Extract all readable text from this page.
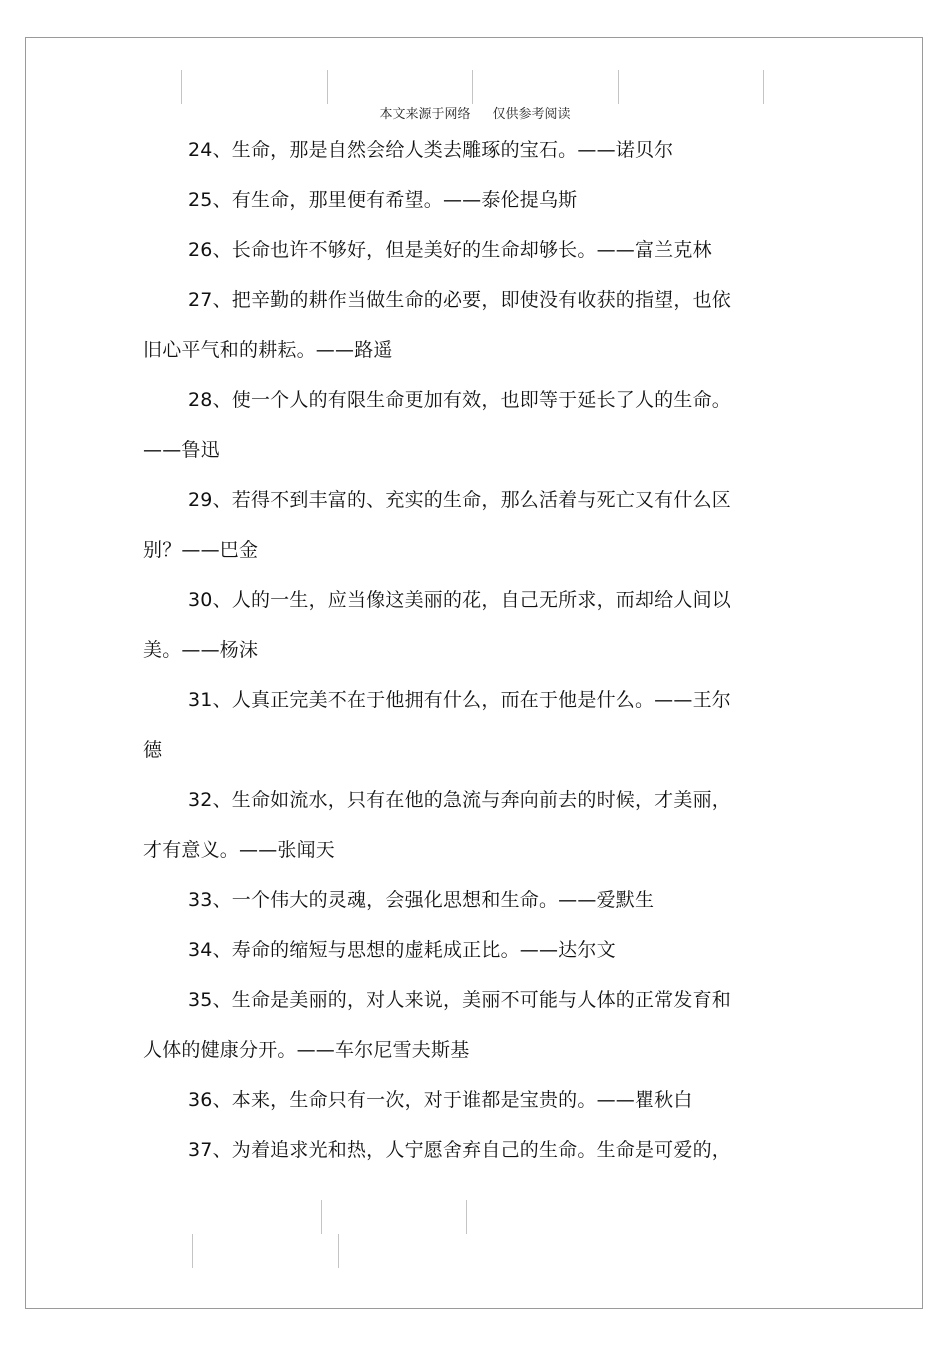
本文来源于网络 仅供参考阅读
24、生命，那是自然会给人类去雕琢的宝石。——诺贝尔
25、有生命，那里便有希望。——泰伦提乌斯
26、长命也许不够好，但是美好的生命却够长。——富兰克林
27、把辛勤的耕作当做生命的必要，即使没有收获的指望，也依
旧心平气和的耕耘。——路遥
28、使一个人的有限生命更加有效，也即等于延长了人的生命。
——鲁迅
29、若得不到丰富的、充实的生命，那么活着与死亡又有什么区
别？——巴金
30、人的一生，应当像这美丽的花，自己无所求，而却给人间以
美。——杨沫
31、人真正完美不在于他拥有什么，而在于他是什么。——王尔
德
32、生命如流水，只有在他的急流与奔向前去的时候，才美丽，
才有意义。——张闻天
33、一个伟大的灵魂，会强化思想和生命。——爱默生
34、寿命的缩短与思想的虚耗成正比。——达尔文
35、生命是美丽的，对人来说，美丽不可能与人体的正常发育和
人体的健康分开。——车尔尼雪夫斯基
36、本来，生命只有一次，对于谁都是宝贵的。——瞿秋白
37、为着追求光和热，人宁愿舍弃自己的生命。生命是可爱的，
